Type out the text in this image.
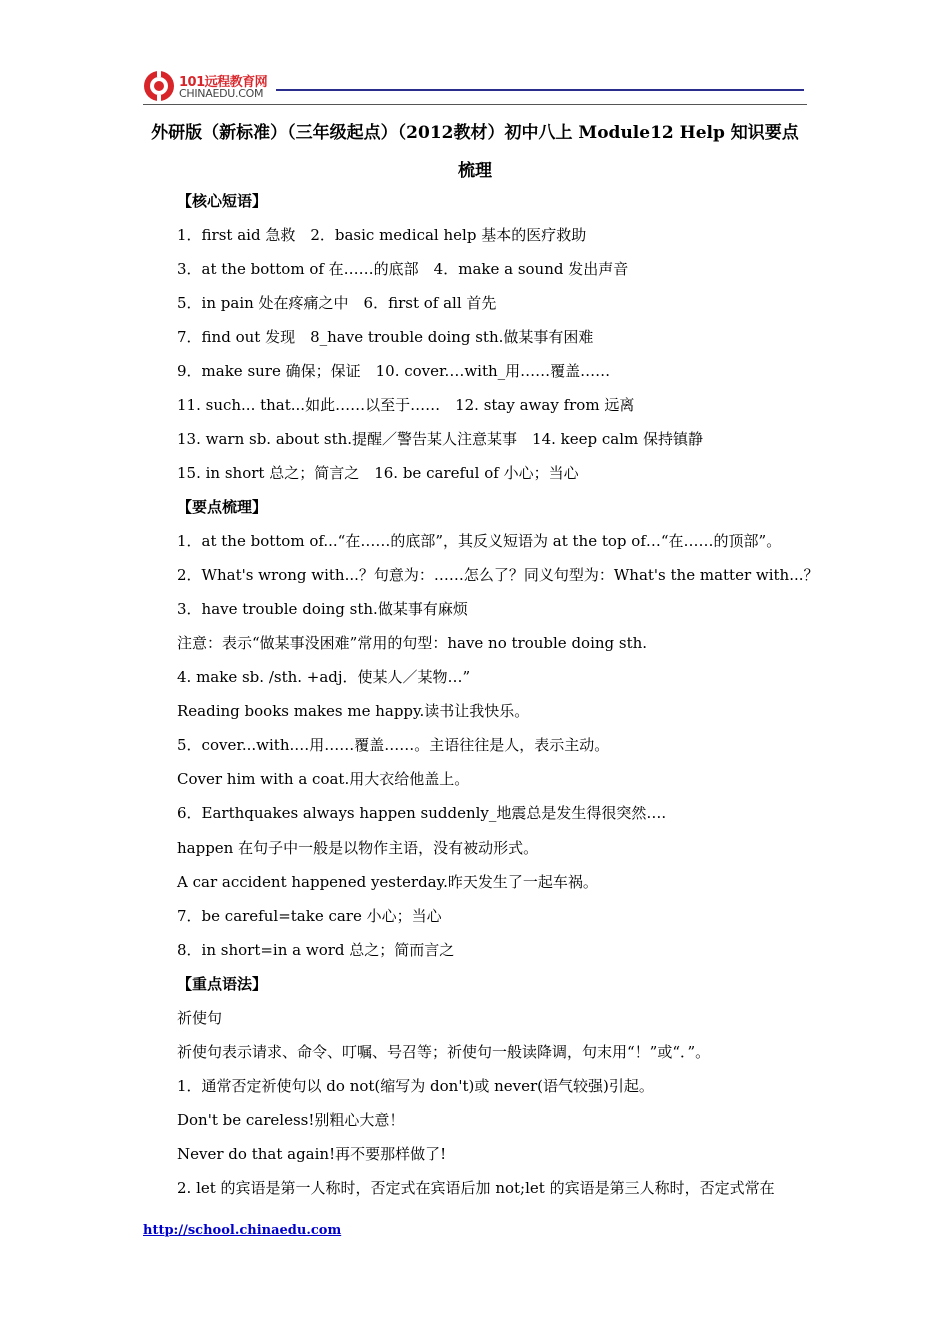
101远程教育网
CHINAEDU.COM
外研版（新标准）（三年级起点）（2012教材）初中八上 Module12 Help 知识要点
梳理
【核心短语】
1．first aid 急救　2．basic medical help 基本的医疗救助
3．at the bottom of 在……的底部　4．make a sound 发出声音
5．in pain 处在疼痛之中　6．first of all 首先
7．find out 发现　8_have trouble doing sth.做某事有困难
9．make sure 确保；保证　10. cover.…with_用……覆盖……
11. such... that...如此……以至于……　12. stay away from 远离
13. warn sb. about sth.提醒／警告某人注意某事　14. keep calm 保持镇静
15. in short 总之；简言之　16. be careful of 小心；当心
【要点梳理】
1．at the bottom of...“在……的底部”，其反义短语为 at the top of…“在……的顶部”。
2．What's wrong with...？句意为：……怎么了？同义句型为：What's the matter with...？
3．have trouble doing sth.做某事有麻烦
注意：表示“做某事没困难”常用的句型：have no trouble doing sth.
4. make sb. /sth. +adj．使某人／某物…”
Reading books makes me happy.读书让我快乐。
5．cover...with.…用……覆盖……。主语往往是人，表示主动。
Cover him with a coat.用大衣给他盖上。
6．Earthquakes always happen suddenly_地震总是发生得很突然….
happen 在句子中一般是以物作主语，没有被动形式。
A car accident happened yesterday.昨天发生了一起车祸。
7．be careful=take care 小心；当心
8．in short=in a word 总之；简而言之
【重点语法】
祈使句
祈使句表示请求、命令、叮嘱、号召等；祈使句一般读降调，句末用“！”或“．”。
1．通常否定祈使句以 do not(缩写为 don't)或 never(语气较强)引起。
Don't be careless!别粗心大意！
Never do that again!再不要那样做了!
2. let 的宾语是第一人称时，否定式在宾语后加 not;let 的宾语是第三人称时，否定式常在
http://school.chinaedu.com
